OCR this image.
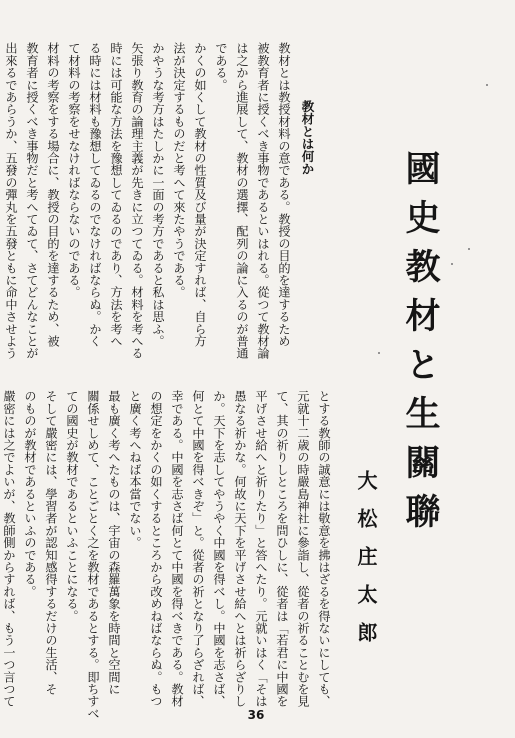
教材とは教授材料の意である。教授の目的を達するため
被教育者に授くべき事物であるといはれる。從つて教材論
は之から進展して、教材の選擇、配列の論に入るのが普通
である。
かくの如くして教材の性質及び量が決定すれば、自ら方
法が決定するものだと考へて來たやうである。
かやうな考方はたしかに一面の考方であると私は思ふ。
矢張り教育の論理主義が先きに立つてゐる。材料を考へる
時には可能な方法を豫想してゐるのであり、方法を考へ
る時には材料も豫想してゐるのでなければならぬ。かく
て材料の考察をせなければならないのである。
材料の考察をする場合に、教授の目的を達するため、被
教育者に授くべき事物だと考へてゐて、さてどんなことが
出來るであらうか、五發の彈丸を五發ともに命中させよう	教材とは何か
國史教材と生關聯
大松庄太郎
とする教師の誠意には敬意を拂はざるを得ないにしても、
元就十二歳の時嚴島神社に參詣し、從者の祈ることむを見
て、其の祈りしところを問ひしに、從者は「若君に中國を
平げさせ給へと祈りたり」と答へたり。元就いはく「そは
愚なる祈かな。何故に天下を平げさせ給へとは祈らざりし
か。天下を志してやうやく中國を得べし。中國を志さば、
何とて中國を得べきぞ」と。從者の祈となり了らざれば、
幸である。中國を志さば何とて中國を得べきである。教材
の想定をかくの如くするところから改めねばならぬ。もつ
と廣く考へねば本當でない。
最も廣く考へたものは、宇宙の森羅萬象を時間と空間に
關係せしめて、ことごとく之を教材であるとする。即ちすべ
ての國史が教材であるといふことになる。
そして嚴密には、學習者が認知感得するだけの生活、そ
のものが教材であるといふのである。
嚴密には之でよいが、教師側からすれば、もう一つ言つて
36
